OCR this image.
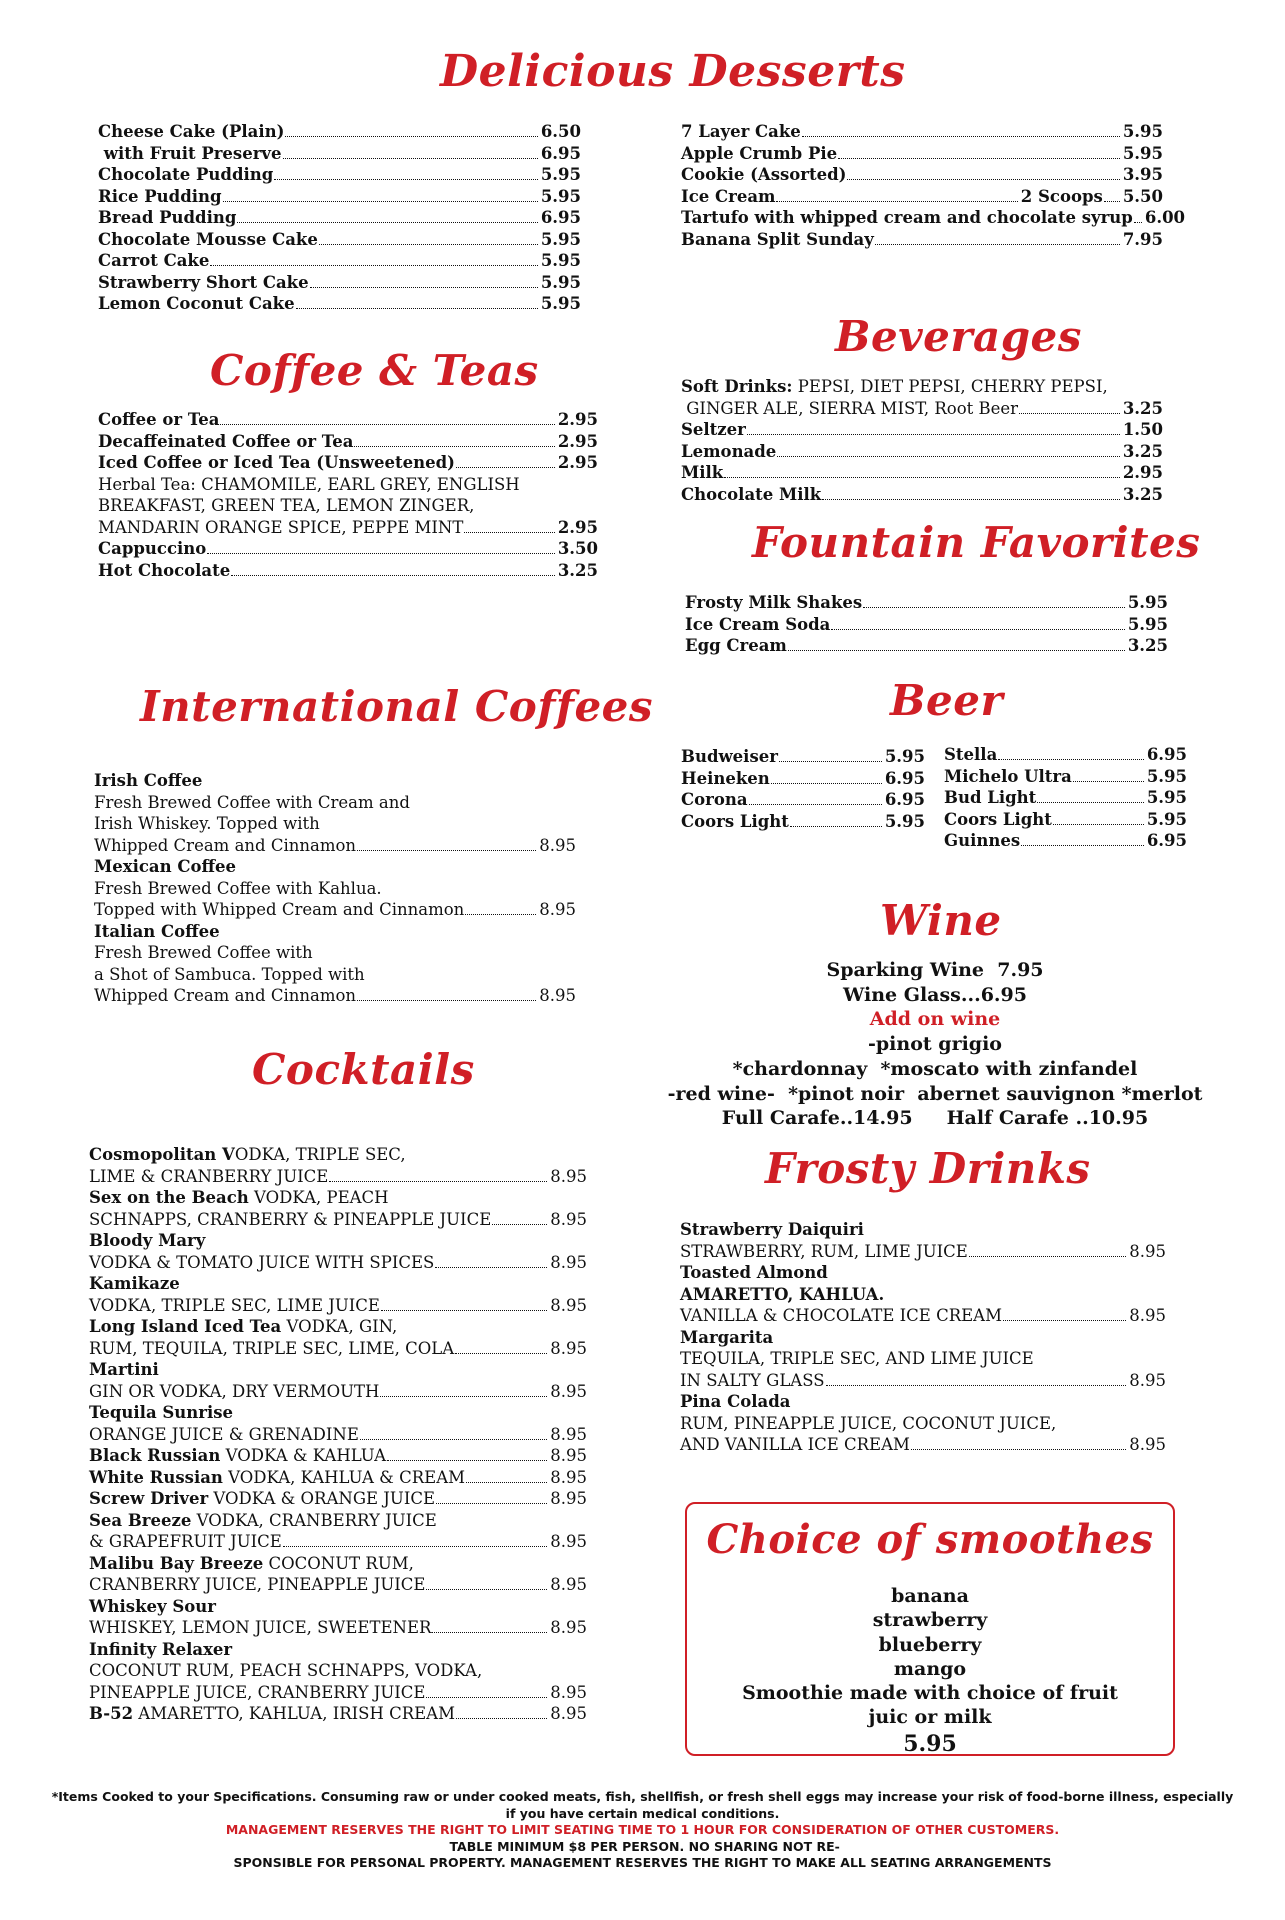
Delicious Desserts
Cheese Cake (Plain)	6.50
with Fruit Preserve	6.95
Chocolate Pudding	5.95
Rice Pudding	5.95
Bread Pudding	6.95
Chocolate Mousse Cake	5.95
Carrot Cake	5.95
Strawberry Short Cake	5.95
Lemon Coconut Cake	5.95
7 Layer Cake	5.95
Apple Crumb Pie	5.95
Cookie (Assorted)	3.95
Ice Cream	2 Scoops 5.50
Tartufo with whipped cream and chocolate syrup 6.00
Banana Split Sunday	7.95
Coffee & Teas
Coffee or Tea	2.95
Decaffeinated Coffee or Tea	2.95
Iced Coffee or Iced Tea (Unsweetened)	2.95
Herbal Tea: CHAMOMILE, EARL GREY, ENGLISH
BREAKFAST, GREEN TEA, LEMON ZINGER,
MANDARIN ORANGE SPICE, PEPPE MINT	2.95
Cappuccino	3.50
Hot Chocolate	3.25
International Coffees
Irish Coffee
Fresh Brewed Coffee with Cream and
Irish Whiskey. Topped with
Whipped Cream and Cinnamon	8.95
Mexican Coffee
Fresh Brewed Coffee with Kahlua.
Topped with Whipped Cream and Cinnamon	8.95
Italian Coffee
Fresh Brewed Coffee with
a Shot of Sambuca. Topped with
Whipped Cream and Cinnamon	8.95
Cocktails
Cosmopolitan VODKA, TRIPLE SEC,
LIME & CRANBERRY JUICE	8.95
Sex on the Beach VODKA, PEACH
SCHNAPPS, CRANBERRY & PINEAPPLE JUICE	8.95
Bloody Mary
VODKA & TOMATO JUICE WITH SPICES	8.95
Kamikaze
VODKA, TRIPLE SEC, LIME JUICE	8.95
Long Island Iced Tea VODKA, GIN,
RUM, TEQUILA, TRIPLE SEC, LIME, COLA	8.95
Martini
GIN OR VODKA, DRY VERMOUTH	8.95
Tequila Sunrise
ORANGE JUICE & GRENADINE	8.95
Black Russian VODKA & KAHLUA	8.95
White Russian VODKA, KAHLUA & CREAM	8.95
Screw Driver VODKA & ORANGE JUICE	8.95
Sea Breeze VODKA, CRANBERRY JUICE
& GRAPEFRUIT JUICE	8.95
Malibu Bay Breeze COCONUT RUM,
CRANBERRY JUICE, PINEAPPLE JUICE	8.95
Whiskey Sour
WHISKEY, LEMON JUICE, SWEETENER	8.95
Infinity Relaxer
COCONUT RUM, PEACH SCHNAPPS, VODKA,
PINEAPPLE JUICE, CRANBERRY JUICE	8.95
B-52 AMARETTO, KAHLUA, IRISH CREAM	8.95
Beverages
Soft Drinks: PEPSI, DIET PEPSI, CHERRY PEPSI,
GINGER ALE, SIERRA MIST, Root Beer	3.25
Seltzer	1.50
Lemonade	3.25
Milk	2.95
Chocolate Milk	3.25
Fountain Favorites
Frosty Milk Shakes	5.95
Ice Cream Soda	5.95
Egg Cream	3.25
Beer
Budweiser	5.95
Heineken	6.95
Corona	6.95
Coors Light	5.95
Stella	6.95
Michelo Ultra	5.95
Bud Light	5.95
Coors Light	5.95
Guinnes	6.95
Wine
Sparking Wine  7.95
Wine Glass...6.95
Add on wine
-pinot grigio
*chardonnay  *moscato with zinfandel
-red wine-  *pinot noir  abernet sauvignon *merlot
Full Carafe..14.95 Half Carafe ..10.95
Frosty Drinks
Strawberry Daiquiri
STRAWBERRY, RUM, LIME JUICE	8.95
Toasted Almond
AMARETTO, KAHLUA.
VANILLA & CHOCOLATE ICE CREAM	8.95
Margarita
TEQUILA, TRIPLE SEC, AND LIME JUICE
IN SALTY GLASS	8.95
Pina Colada
RUM, PINEAPPLE JUICE, COCONUT JUICE,
AND VANILLA ICE CREAM	8.95
Choice of smoothes
banana
strawberry
blueberry
mango
Smoothie made with choice of fruit
juic or milk
5.95
*Items Cooked to your Specifications. Consuming raw or under cooked meats, fish, shellfish, or fresh shell eggs may increase your risk of food-borne illness, especially
if you have certain medical conditions.
MANAGEMENT RESERVES THE RIGHT TO LIMIT SEATING TIME TO 1 HOUR FOR CONSIDERATION OF OTHER CUSTOMERS. TABLE MINIMUM $8 PER PERSON. NO SHARING NOT RE-
SPONSIBLE FOR PERSONAL PROPERTY. MANAGEMENT RESERVES THE RIGHT TO MAKE ALL SEATING ARRANGEMENTS
